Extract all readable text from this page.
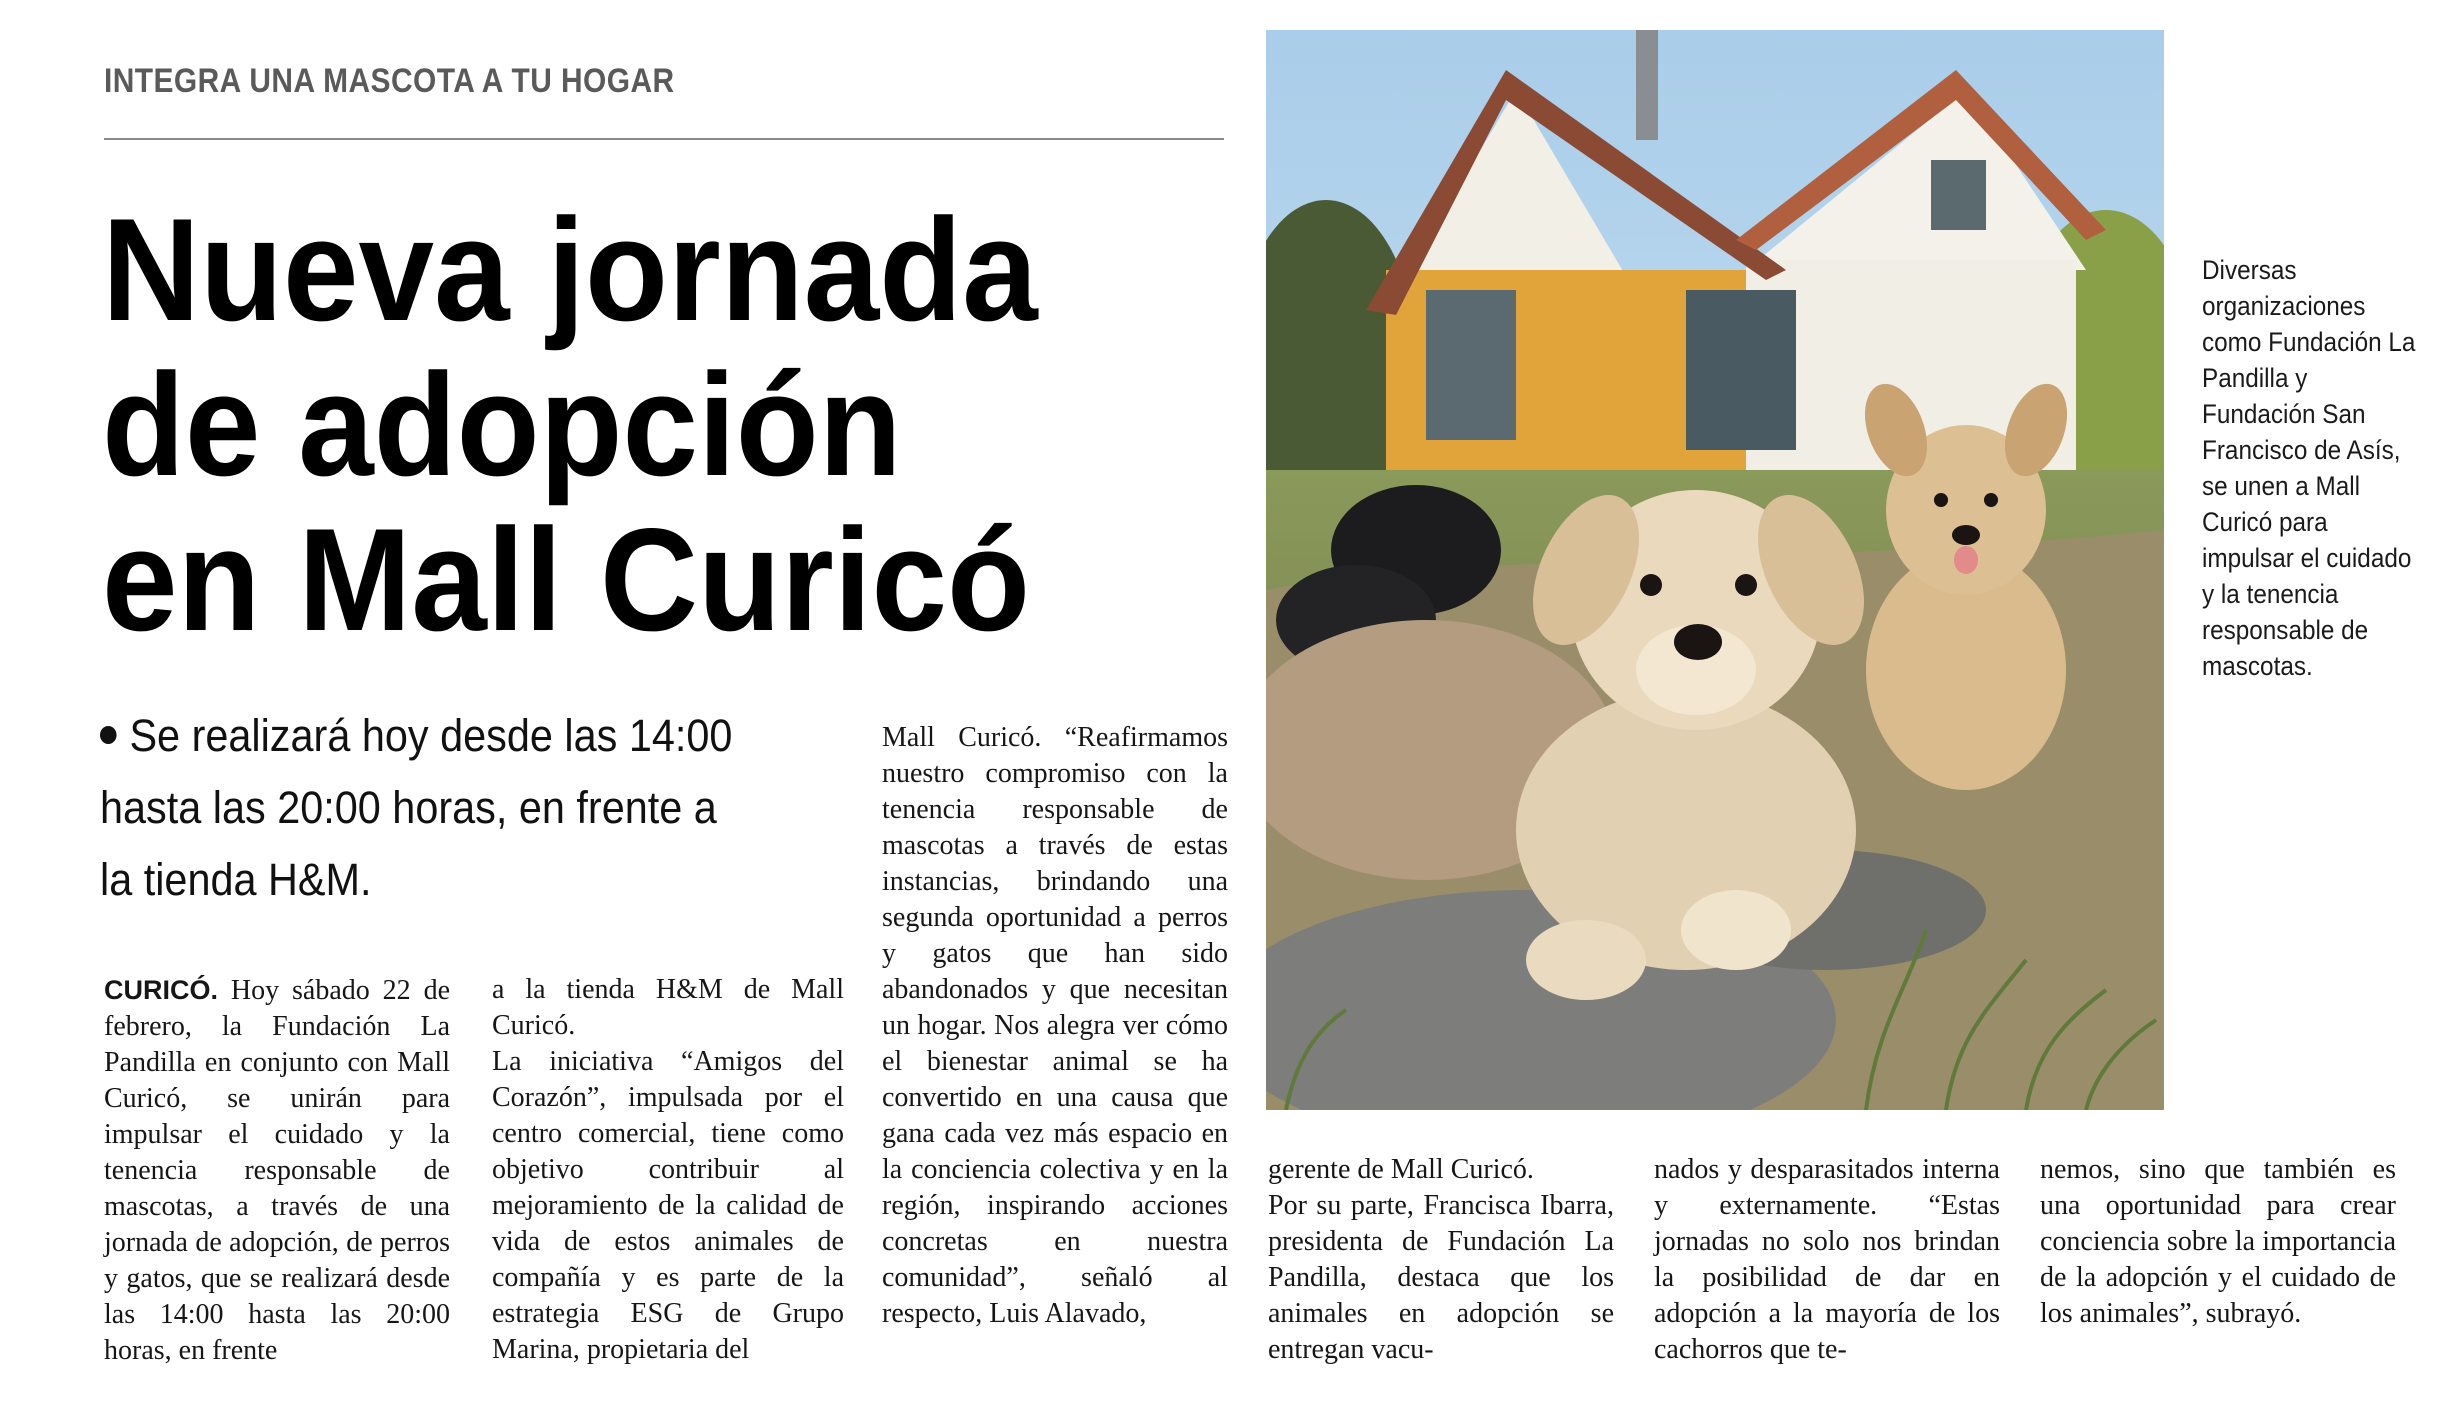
INTEGRA UNA MASCOTA A TU HOGAR
Nueva jornada
de adopción
en Mall Curicó
Se realizará hoy desde las 14:00
hasta las 20:00 horas, en frente a
la tienda H&M.

CURICÓ. Hoy sábado 22 de febrero, la Fundación La Pandilla en conjunto con Mall Curicó, se unirán para impulsar el cuidado y la tenencia responsable de mascotas, a través de una jornada de adopción, de perros y gatos, que se realizará desde las 14:00 hasta las 20:00 horas, en frente

a la tienda H&M de Mall Curicó.

La iniciativa “Amigos del Corazón”, impulsada por el centro comercial, tiene como objetivo contribuir al mejoramiento de la calidad de vida de estos animales de compañía y es parte de la estrategia ESG de Grupo Marina, propietaria del

Mall Curicó. “Reafirmamos nuestro compromiso con la tenencia responsable de mascotas a través de estas instancias, brindando una segunda oportunidad a perros y gatos que han sido abandonados y que necesitan un hogar. Nos alegra ver cómo el bienestar animal se ha convertido en una causa que gana cada vez más espacio en la conciencia colectiva y en la región, inspirando acciones concretas en nuestra comunidad”, señaló al respecto, Luis Alavado,

Diversas organizaciones como Fundación La Pandilla y Fundación San Francisco de Asís, se unen a Mall Curicó para impulsar el cuidado y la tenencia responsable de mascotas.

gerente de Mall Curicó.

Por su parte, Francisca Ibarra, presidenta de Fundación La Pandilla, destaca que los animales en adopción se entregan vacu-

nados y desparasitados interna y externamente. “Estas jornadas no solo nos brindan la posibilidad de dar en adopción a la mayoría de los cachorros que te-

nemos, sino que también es una oportunidad para crear conciencia sobre la importancia de la adopción y el cuidado de los animales”, subrayó.
